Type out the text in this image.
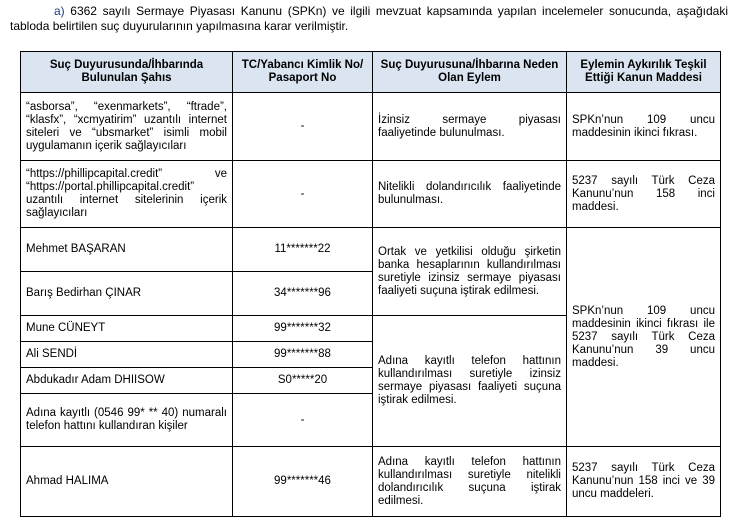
a) 6362 sayılı Sermaye Piyasası Kanunu (SPKn) ve ilgili mevzuat kapsamında yapılan incelemeler sonucunda, aşağıdaki tabloda belirtilen suç duyurularının yapılmasına karar verilmiştir.
Suç Duyurusunda/İhbarında Bulunulan Şahıs	TC/Yabancı Kimlik No/ Pasaport No	Suç Duyurusuna/İhbarına Neden Olan Eylem	Eylemin Aykırılık Teşkil Ettiği Kanun Maddesi
“asborsa”, “exenmarkets”, “ftrade”, “klasfx”, “xcmyatirim” uzantılı internet siteleri ve “ubsmarket” isimli mobil uygulamanın içerik sağlayıcıları	-	İzinsiz sermaye piyasası faaliyetinde bulunulması.	SPKn’nun 109 uncu maddesinin ikinci fıkrası.
“https://phillipcapital.credit” ve “https://portal.phillipcapital.credit” uzantılı internet sitelerinin içerik sağlayıcıları	-	Nitelikli dolandırıcılık faaliyetinde bulunulması.	5237 sayılı Türk Ceza Kanunu’nun 158 inci maddesi.
Mehmet BAŞARAN	11*******22	Ortak ve yetkilisi olduğu şirketin banka hesaplarının kullandırılması suretiyle izinsiz sermaye piyasası faaliyeti suçuna iştirak edilmesi.	SPKn’nun 109 uncu maddesinin ikinci fıkrası ile 5237 sayılı Türk Ceza Kanunu’nun 39 uncu maddesi.
Barış Bedirhan ÇINAR	34*******96		
Mune CÜNEYT	99*******32	Adına kayıtlı telefon hattının kullandırılması suretiyle izinsiz sermaye piyasası faaliyeti suçuna iştirak edilmesi.	
Ali SENDİ	99*******88		
Abdukadır Adam DHIISOW	S0*****20		
Adına kayıtlı (0546 99* ** 40) numaralı telefon hattını kullandıran kişiler	-		
Ahmad HALIMA	99*******46	Adına kayıtlı telefon hattının kullandırılması suretiyle nitelikli dolandırıcılık suçuna iştirak edilmesi.	5237 sayılı Türk Ceza Kanunu’nun 158 inci ve 39 uncu maddeleri.
